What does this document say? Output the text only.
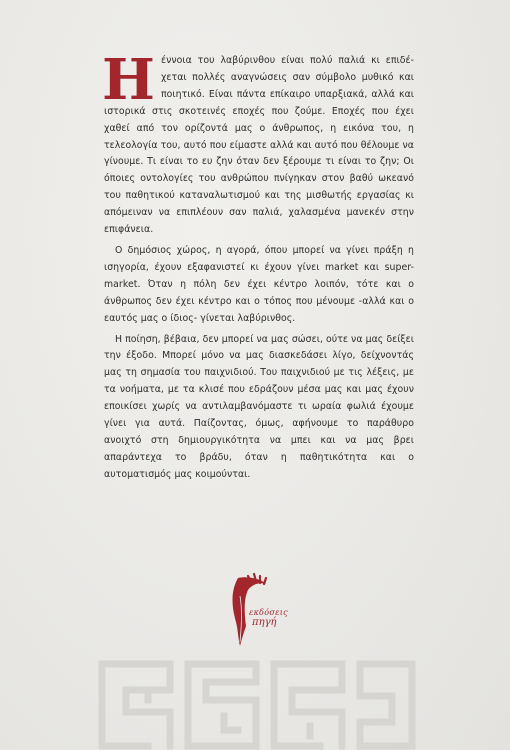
Ηέννοια του λαβύρινθου είναι πολύ παλιά κι επιδέχεται πολλές αναγνώσεις σαν σύμβολο μυθικό και ποιητικό. Είναι πάντα επίκαιρο υπαρξιακά, αλλά και ιστορικά στις σκοτεινές εποχές που ζούμε. Εποχές που έχει χαθεί από τον ορίζοντά μας ο άνθρωπος, η εικόνα του, η τελεολογία του, αυτό που είμαστε αλλά και αυτό που θέλουμε να γίνουμε. Τι είναι το ευ ζην όταν δεν ξέρουμε τι είναι το ζην; Οι όποιες οντολογίες του ανθρώπου πνίγηκαν στον βαθύ ωκεανό του παθητικού καταναλωτισμού και της μισθωτής εργασίας κι απόμειναν να επιπλέουν σαν παλιά, χαλασμένα μανεκέν στην επιφάνεια.

Ο δημόσιος χώρος, η αγορά, όπου μπορεί να γίνει πράξη η ισηγορία, έχουν εξαφανιστεί κι έχουν γίνει market και super-market. Όταν η πόλη δεν έχει κέντρο λοιπόν, τότε και ο άνθρωπος δεν έχει κέντρο και ο τόπος που μένουμε -αλλά και ο εαυτός μας ο ίδιος- γίνεται λαβύρινθος.

Η ποίηση, βέβαια, δεν μπορεί να μας σώσει, ούτε να μας δείξει την έξοδο. Μπορεί μόνο να μας διασκεδάσει λίγο, δείχνοντάς μας τη σημασία του παιχνιδιού. Του παιχνιδιού με τις λέξεις, με τα νοήματα, με τα κλισέ που εδράζουν μέσα μας και μας έχουν εποικίσει χωρίς να αντιλαμβανόμαστε τι ωραία φωλιά έχουμε γίνει για αυτά. Παίζοντας, όμως, αφήνουμε το παράθυρο ανοιχτό στη δημιουργικότητα να μπει και να μας βρει απαράντεχα το βράδυ, όταν η παθητικότητα και ο αυτοματισμός μας κοιμούνται.

εκδόσεις
πηγή
